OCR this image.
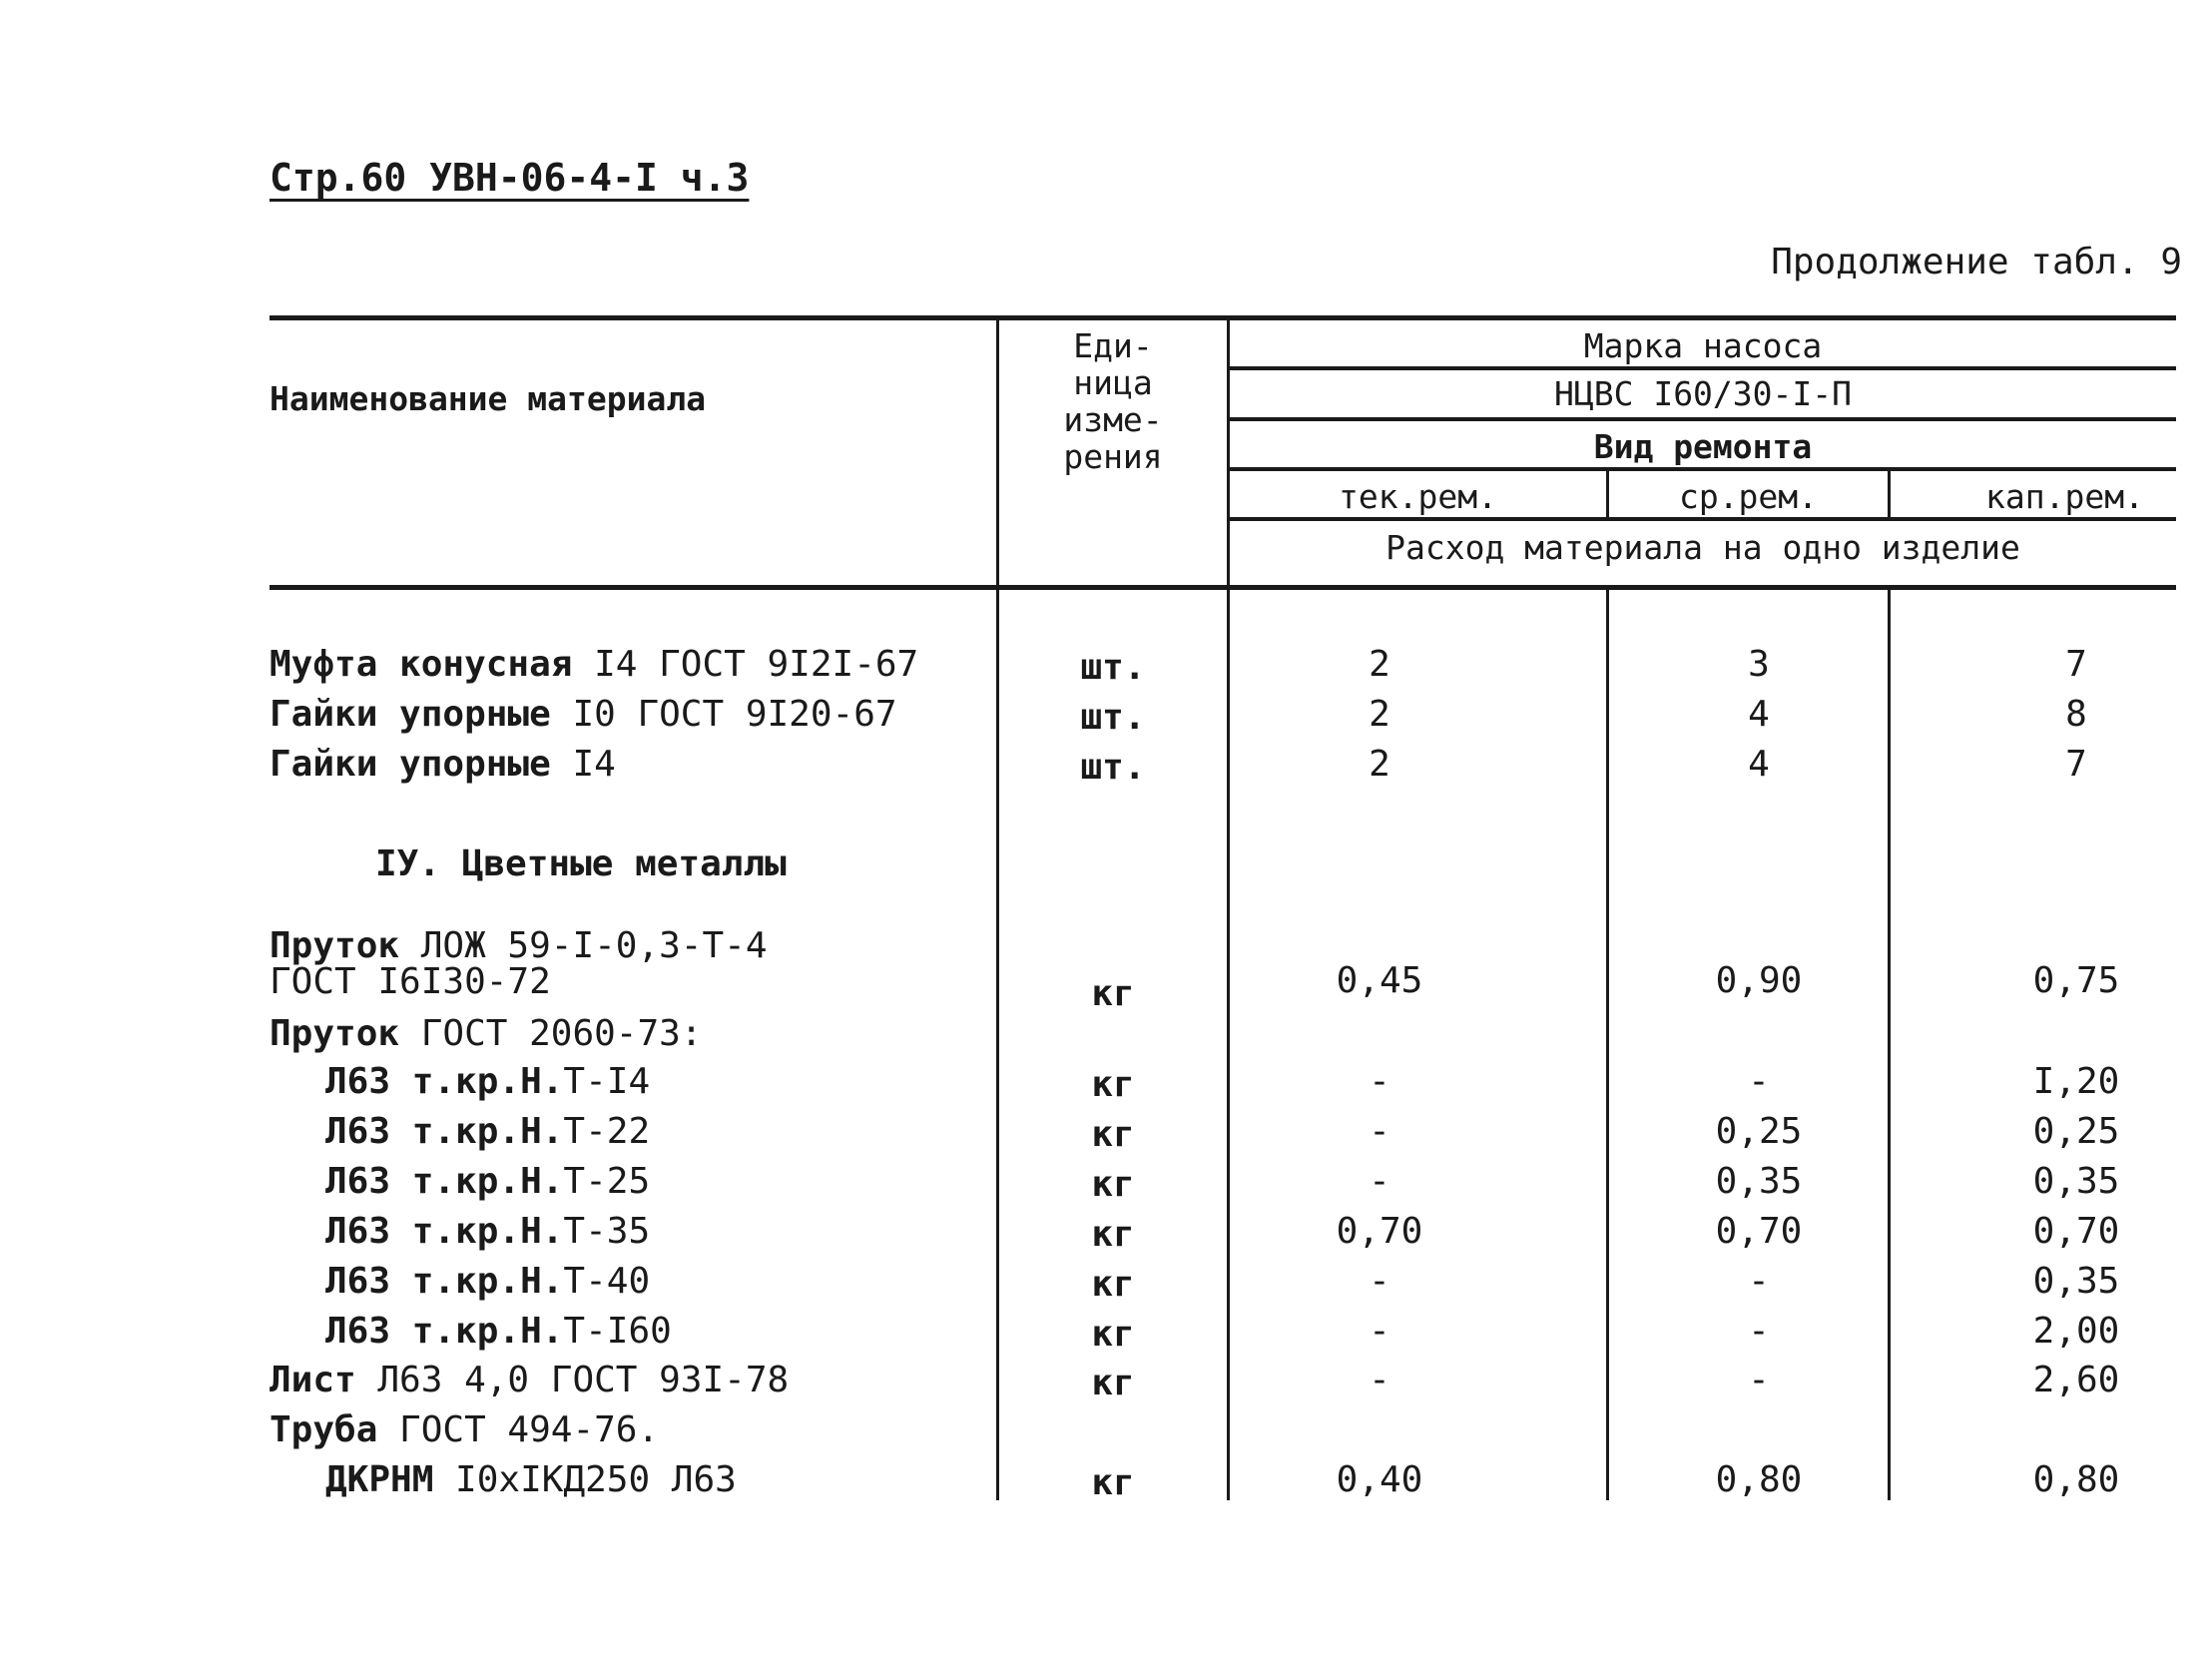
Стр.60 УВН-06-4-I ч.3
Продолжение табл. 9
Наименование материала
Еди-
ница
изме-
рения
Марка насоса
НЦВС I60/30-I-П
Вид ремонта
тек.рем.	ср.рем.	кап.рем.
Расход материала на одно изделие
Муфта конусная I4 ГОСТ 9I2I-67	шт.	2	3	7
Гайки упорные I0 ГОСТ 9I20-67	шт.	2	4	8
Гайки упорные I4	шт.	2	4	7
IУ. Цветные металлы
Пруток ЛОЖ 59-I-0,3-Т-4
ГОСТ I6I30-72	кг	0,45	0,90	0,75
Пруток ГОСТ 2060-73:
Л63 т.кр.Н.Т-I4	кг	-	-	I,20
Л63 т.кр.Н.Т-22	кг	-	0,25	0,25
Л63 т.кр.Н.Т-25	кг	-	0,35	0,35
Л63 т.кр.Н.Т-35	кг	0,70	0,70	0,70
Л63 т.кр.Н.Т-40	кг	-	-	0,35
Л63 т.кр.Н.Т-I60	кг	-	-	2,00
Лист Л63 4,0 ГОСТ 93I-78	кг	-	-	2,60
Труба ГОСТ 494-76.
ДКРНМ I0хIКД250 Л63	кг	0,40	0,80	0,80
